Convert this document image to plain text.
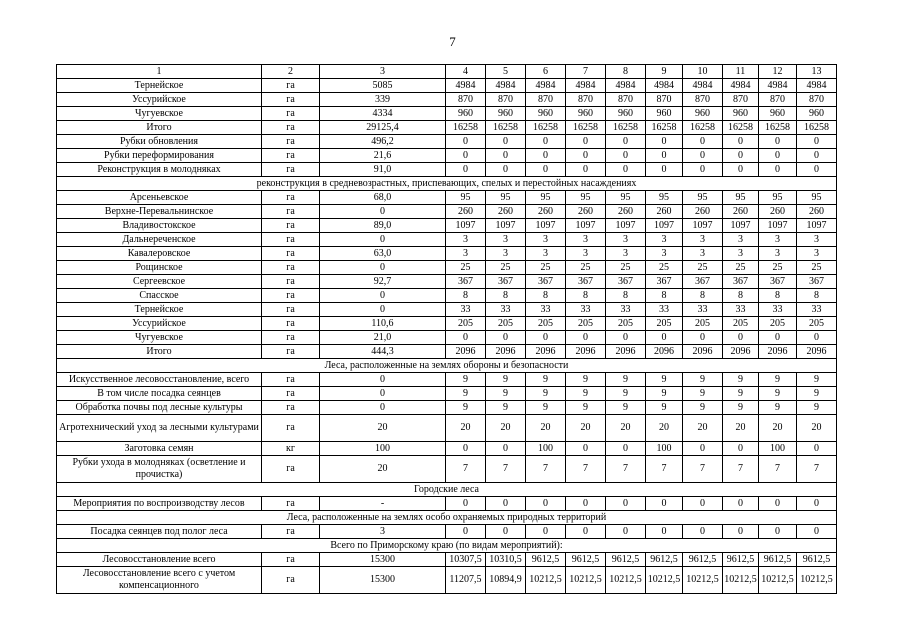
7
1	2	3	4	5	6	7	8	9	10	11	12	13
Тернейское	га	5085	4984	4984	4984	4984	4984	4984	4984	4984	4984	4984
Уссурийское	га	339	870	870	870	870	870	870	870	870	870	870
Чугуевское	га	4334	960	960	960	960	960	960	960	960	960	960
Итого	га	29125,4	16258	16258	16258	16258	16258	16258	16258	16258	16258	16258
Рубки обновления	га	496,2	0	0	0	0	0	0	0	0	0	0
Рубки переформирования	га	21,6	0	0	0	0	0	0	0	0	0	0
Реконструкция в молодняках	га	91,0	0	0	0	0	0	0	0	0	0	0
реконструкция в средневозрастных, приспевающих, спелых и перестойных насаждениях												
Арсеньевское	га	68,0	95	95	95	95	95	95	95	95	95	95
Верхне-Перевальнинское	га	0	260	260	260	260	260	260	260	260	260	260
Владивостокское	га	89,0	1097	1097	1097	1097	1097	1097	1097	1097	1097	1097
Дальнереченское	га	0	3	3	3	3	3	3	3	3	3	3
Кавалеровское	га	63,0	3	3	3	3	3	3	3	3	3	3
Рощинское	га	0	25	25	25	25	25	25	25	25	25	25
Сергеевское	га	92,7	367	367	367	367	367	367	367	367	367	367
Спасское	га	0	8	8	8	8	8	8	8	8	8	8
Тернейское	га	0	33	33	33	33	33	33	33	33	33	33
Уссурийское	га	110,6	205	205	205	205	205	205	205	205	205	205
Чугуевское	га	21,0	0	0	0	0	0	0	0	0	0	0
Итого	га	444,3	2096	2096	2096	2096	2096	2096	2096	2096	2096	2096
Леса, расположенные на землях обороны и безопасности												
Искусственное лесовосстановление, всего	га	0	9	9	9	9	9	9	9	9	9	9
В том числе посадка сеянцев	га	0	9	9	9	9	9	9	9	9	9	9
Обработка почвы под лесные культуры	га	0	9	9	9	9	9	9	9	9	9	9
Агротехнический уход за лесными культурами	га	20	20	20	20	20	20	20	20	20	20	20
Заготовка семян	кг	100	0	0	100	0	0	100	0	0	100	0
Рубки ухода в молодняках (осветление и прочистка)	га	20	7	7	7	7	7	7	7	7	7	7
Городские леса												
Мероприятия по воспроизводству лесов	га	-	0	0	0	0	0	0	0	0	0	0
Леса, расположенные на землях особо охраняемых природных территорий												
Посадка сеянцев под полог леса	га	3	0	0	0	0	0	0	0	0	0	0
Всего по Приморскому краю (по видам мероприятий):												
Лесовосстановление всего	га	15300	10307,5	10310,5	9612,5	9612,5	9612,5	9612,5	9612,5	9612,5	9612,5	9612,5
Лесовосстановление всего с учетом компенсационного	га	15300	11207,5	10894,9	10212,5	10212,5	10212,5	10212,5	10212,5	10212,5	10212,5	10212,5
